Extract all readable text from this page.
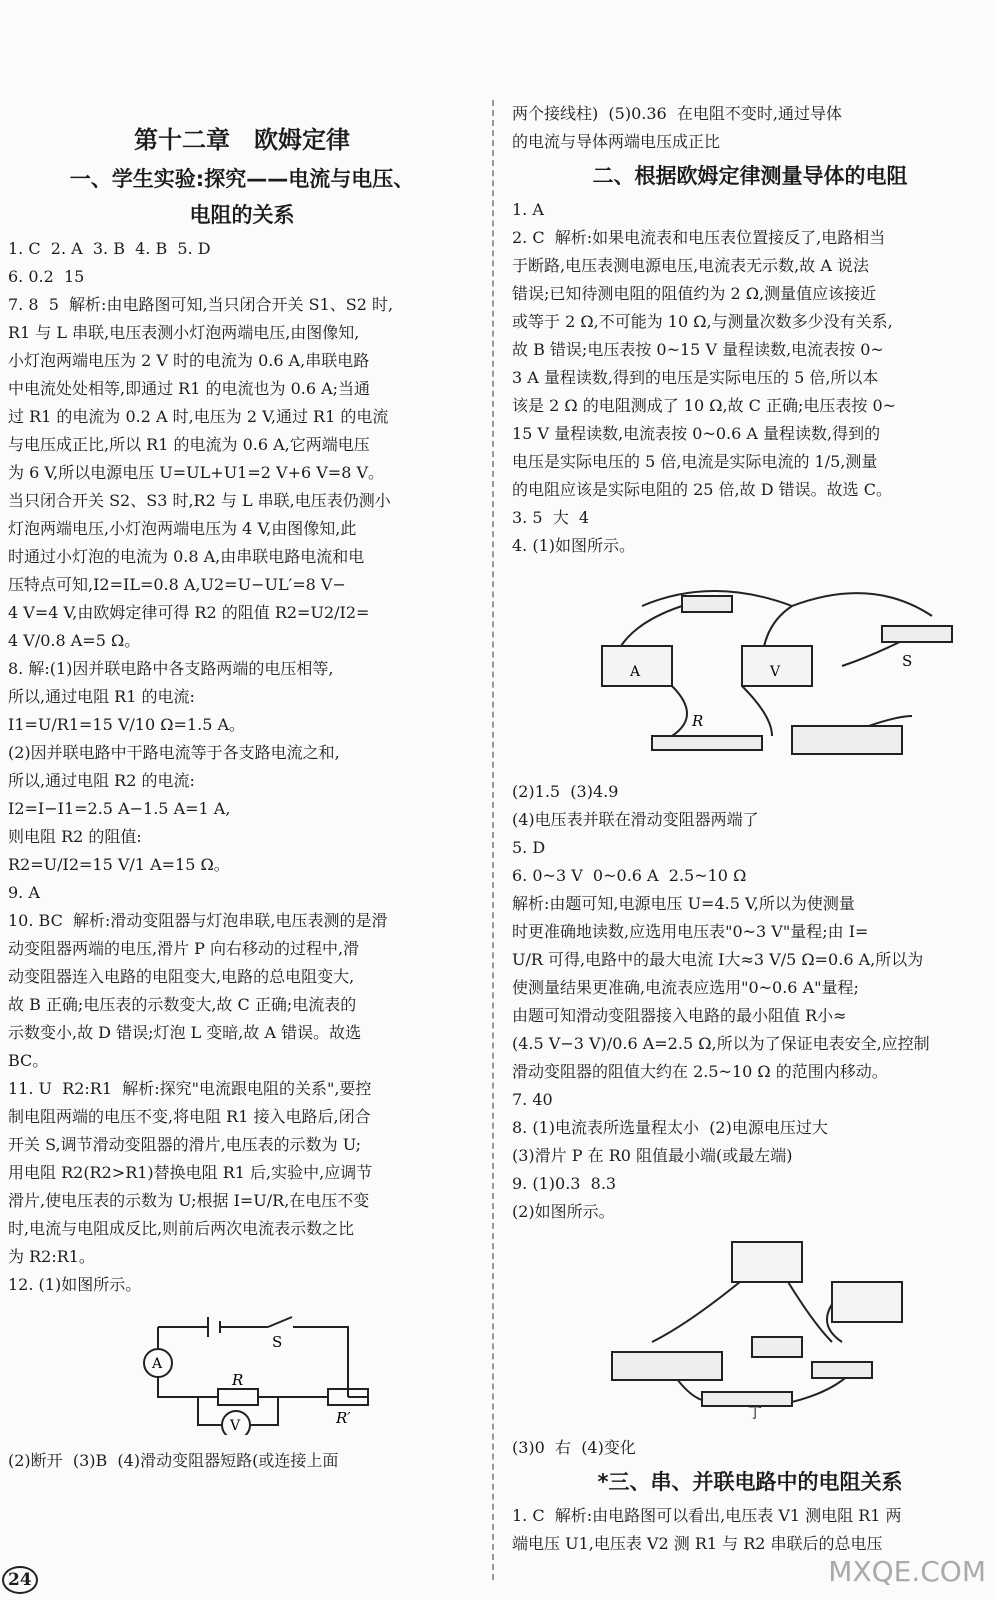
第十二章　欧姆定律
一、学生实验:探究——电流与电压、
电阻的关系
1. C  2. A  3. B  4. B  5. D
6. 0.2  15
7. 8  5  解析:由电路图可知,当只闭合开关 S1、S2 时,
R1 与 L 串联,电压表测小灯泡两端电压,由图像知,
小灯泡两端电压为 2 V 时的电流为 0.6 A,串联电路
中电流处处相等,即通过 R1 的电流也为 0.6 A;当通
过 R1 的电流为 0.2 A 时,电压为 2 V,通过 R1 的电流
与电压成正比,所以 R1 的电流为 0.6 A,它两端电压
为 6 V,所以电源电压 U=UL+U1=2 V+6 V=8 V。
当只闭合开关 S2、S3 时,R2 与 L 串联,电压表仍测小
灯泡两端电压,小灯泡两端电压为 4 V,由图像知,此
时通过小灯泡的电流为 0.8 A,由串联电路电流和电
压特点可知,I2=IL=0.8 A,U2=U−UL′=8 V−
4 V=4 V,由欧姆定律可得 R2 的阻值 R2=U2/I2=
4 V/0.8 A=5 Ω。
8. 解:(1)因并联电路中各支路两端的电压相等,
所以,通过电阻 R1 的电流:
I1=U/R1=15 V/10 Ω=1.5 A。
(2)因并联电路中干路电流等于各支路电流之和,
所以,通过电阻 R2 的电流:
I2=I−I1=2.5 A−1.5 A=1 A,
则电阻 R2 的阻值:
R2=U/I2=15 V/1 A=15 Ω。
9. A
10. BC  解析:滑动变阻器与灯泡串联,电压表测的是滑
动变阻器两端的电压,滑片 P 向右移动的过程中,滑
动变阻器连入电路的电阻变大,电路的总电阻变大,
故 B 正确;电压表的示数变大,故 C 正确;电流表的
示数变小,故 D 错误;灯泡 L 变暗,故 A 错误。故选
BC。
11. U  R2:R1  解析:探究"电流跟电阻的关系",要控
制电阻两端的电压不变,将电阻 R1 接入电路后,闭合
开关 S,调节滑动变阻器的滑片,电压表的示数为 U;
用电阻 R2(R2>R1)替换电阻 R1 后,实验中,应调节
滑片,使电压表的示数为 U;根据 I=U/R,在电压不变
时,电流与电阻成反比,则前后两次电流表示数之比
为 R2:R1。
12. (1)如图所示。
S
A
R
V	R′
(2)断开  (3)B  (4)滑动变阻器短路(或连接上面
两个接线柱)  (5)0.36  在电阻不变时,通过导体
的电流与导体两端电压成正比
二、根据欧姆定律测量导体的电阻
1. A
2. C  解析:如果电流表和电压表位置接反了,电路相当
于断路,电压表测电源电压,电流表无示数,故 A 说法
错误;已知待测电阻的阻值约为 2 Ω,测量值应该接近
或等于 2 Ω,不可能为 10 Ω,与测量次数多少没有关系,
故 B 错误;电压表按 0~15 V 量程读数,电流表按 0~
3 A 量程读数,得到的电压是实际电压的 5 倍,所以本
该是 2 Ω 的电阻测成了 10 Ω,故 C 正确;电压表按 0~
15 V 量程读数,电流表按 0~0.6 A 量程读数,得到的
电压是实际电压的 5 倍,电流是实际电流的 1/5,测量
的电阻应该是实际电阻的 25 倍,故 D 错误。故选 C。
3. 5  大  4
4. (1)如图所示。
A	V
S
R
(2)1.5  (3)4.9
(4)电压表并联在滑动变阻器两端了
5. D
6. 0~3 V  0~0.6 A  2.5~10 Ω
解析:由题可知,电源电压 U=4.5 V,所以为使测量
时更准确地读数,应选用电压表"0~3 V"量程;由 I=
U/R 可得,电路中的最大电流 I大≈3 V/5 Ω=0.6 A,所以为
使测量结果更准确,电流表应选用"0~0.6 A"量程;
由题可知滑动变阻器接入电路的最小阻值 R小≈
(4.5 V−3 V)/0.6 A=2.5 Ω,所以为了保证电表安全,应控制
滑动变阻器的阻值大约在 2.5~10 Ω 的范围内移动。
7. 40
8. (1)电流表所选量程太小  (2)电源电压过大
(3)滑片 P 在 R0 阻值最小端(或最左端)
9. (1)0.3  8.3
(2)如图所示。
丁
(3)0  右  (4)变化
*三、串、并联电路中的电阻关系
1. C  解析:由电路图可以看出,电压表 V1 测电阻 R1 两
端电压 U1,电压表 V2 测 R1 与 R2 串联后的总电压
24	MXQE.COM
